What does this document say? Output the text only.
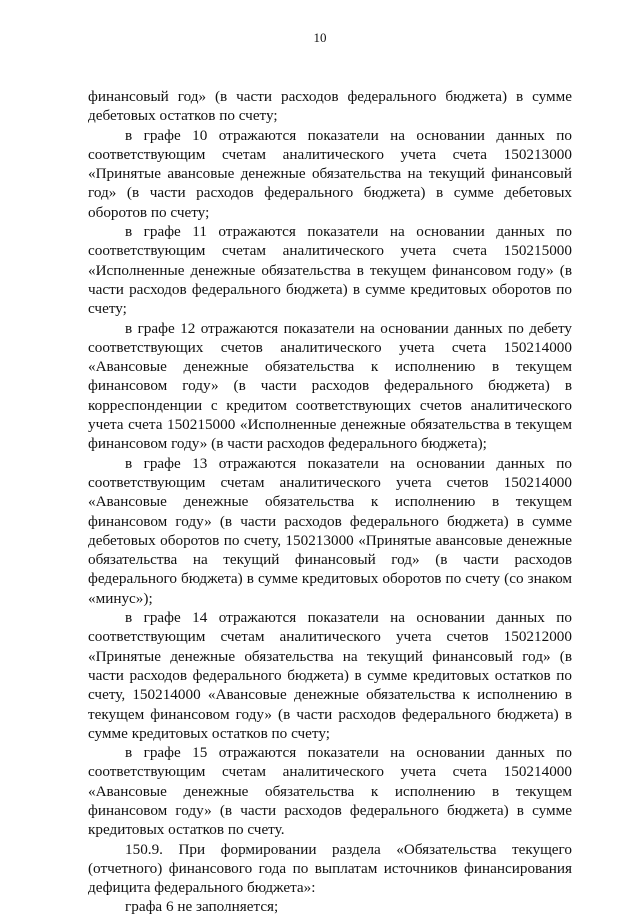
10

финансовый год» (в части расходов федерального бюджета) в сумме дебетовых остатков по счету;

в графе 10 отражаются показатели на основании данных по соответствующим счетам аналитического учета счета 150213000 «Принятые авансовые денежные обязательства на текущий финансовый год» (в части расходов федерального бюджета) в сумме дебетовых оборотов по счету;

в графе 11 отражаются показатели на основании данных по соответствующим счетам аналитического учета счета 150215000 «Исполненные денежные обязательства в текущем финансовом году» (в части расходов федерального бюджета) в сумме кредитовых оборотов по счету;

в графе 12 отражаются показатели на основании данных по дебету соответствующих счетов аналитического учета счета 150214000 «Авансовые денежные обязательства к исполнению в текущем финансовом году» (в части расходов федерального бюджета) в корреспонденции с кредитом соответствующих счетов аналитического учета счета 150215000 «Исполненные денежные обязательства в текущем финансовом году» (в части расходов федерального бюджета);

в графе 13 отражаются показатели на основании данных по соответствующим счетам аналитического учета счетов 150214000 «Авансовые денежные обязательства к исполнению в текущем финансовом году» (в части расходов федерального бюджета) в сумме дебетовых оборотов по счету, 150213000 «Принятые авансовые денежные обязательства на текущий финансовый год» (в части расходов федерального бюджета) в сумме кредитовых оборотов по счету (со знаком «минус»);

в графе 14 отражаются показатели на основании данных по соответствующим счетам аналитического учета счетов 150212000 «Принятые денежные обязательства на текущий финансовый год» (в части расходов федерального бюджета) в сумме кредитовых остатков по счету, 150214000 «Авансовые денежные обязательства к исполнению в текущем финансовом году» (в части расходов федерального бюджета) в сумме кредитовых остатков по счету;

в графе 15 отражаются показатели на основании данных по соответствующим счетам аналитического учета счета 150214000 «Авансовые денежные обязательства к исполнению в текущем финансовом году» (в части расходов федерального бюджета) в сумме кредитовых остатков по счету.

150.9. При формировании раздела «Обязательства текущего (отчетного) финансового года по выплатам источников финансирования дефицита федерального бюджета»:

графа 6 не заполняется;
